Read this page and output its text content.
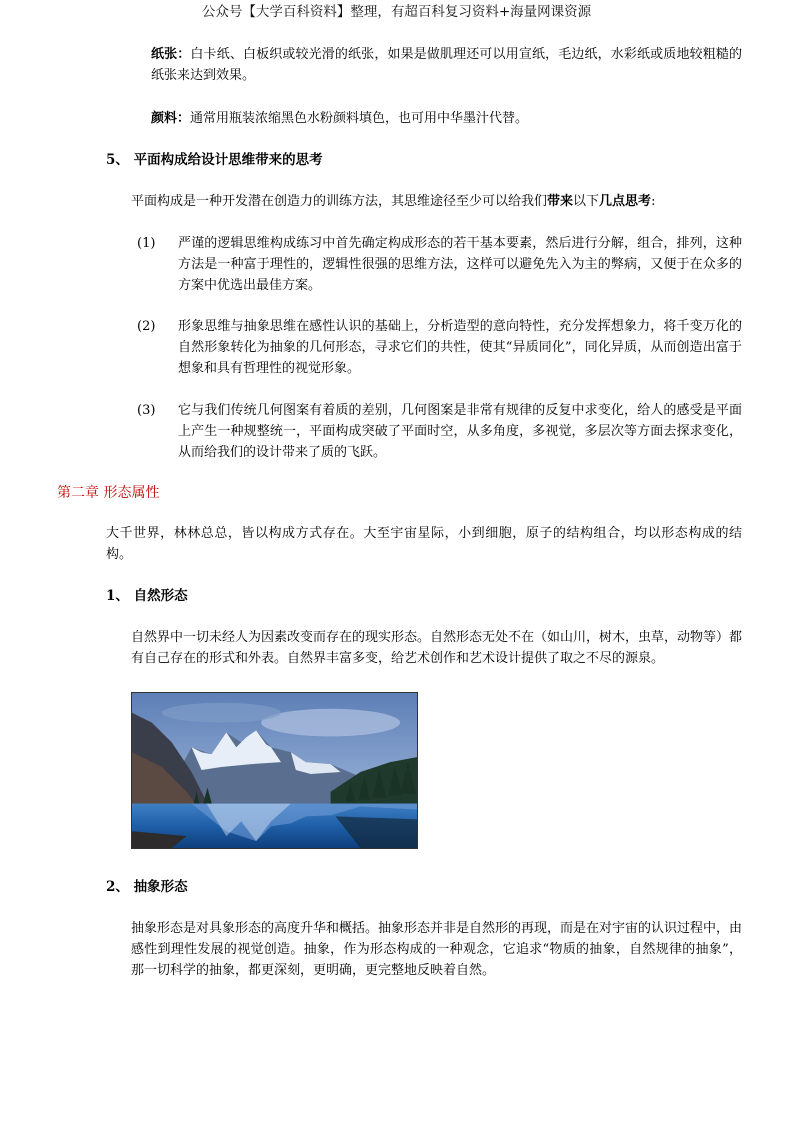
公众号【大学百科资料】整理，有超百科复习资料+海量网课资源

纸张：白卡纸、白板织或较光滑的纸张，如果是做肌理还可以用宣纸，毛边纸，水彩纸或质地较粗糙的纸张来达到效果。

颜料：通常用瓶装浓缩黑色水粉颜料填色，也可用中华墨汁代替。

5、 平面构成给设计思维带来的思考

平面构成是一种开发潜在创造力的训练方法，其思维途径至少可以给我们带来以下几点思考:

(1)	严谨的逻辑思维构成练习中首先确定构成形态的若干基本要素，然后进行分解，组合，排列，这种方法是一种富于理性的，逻辑性很强的思维方法，这样可以避免先入为主的弊病，又便于在众多的方案中优选出最佳方案。

(2)	形象思维与抽象思维在感性认识的基础上，分析造型的意向特性，充分发挥想象力，将千变万化的自然形象转化为抽象的几何形态，寻求它们的共性，使其“异质同化”，同化异质，从而创造出富于想象和具有哲理性的视觉形象。

(3)	它与我们传统几何图案有着质的差别，几何图案是非常有规律的反复中求变化，给人的感受是平面上产生一种规整统一，平面构成突破了平面时空，从多角度，多视觉，多层次等方面去探求变化，从而给我们的设计带来了质的飞跃。

第二章 形态属性

大千世界，林林总总，皆以构成方式存在。大至宇宙星际，小到细胞，原子的结构组合，均以形态构成的结构。

1、 自然形态

自然界中一切未经人为因素改变而存在的现实形态。自然形态无处不在（如山川，树木，虫草，动物等）都有自己存在的形式和外表。自然界丰富多变，给艺术创作和艺术设计提供了取之不尽的源泉。

2、 抽象形态

抽象形态是对具象形态的高度升华和概括。抽象形态并非是自然形的再现，而是在对宇宙的认识过程中，由感性到理性发展的视觉创造。抽象，作为形态构成的一种观念，它追求“物质的抽象，自然规律的抽象”，那一切科学的抽象，都更深刻，更明确，更完整地反映着自然。
